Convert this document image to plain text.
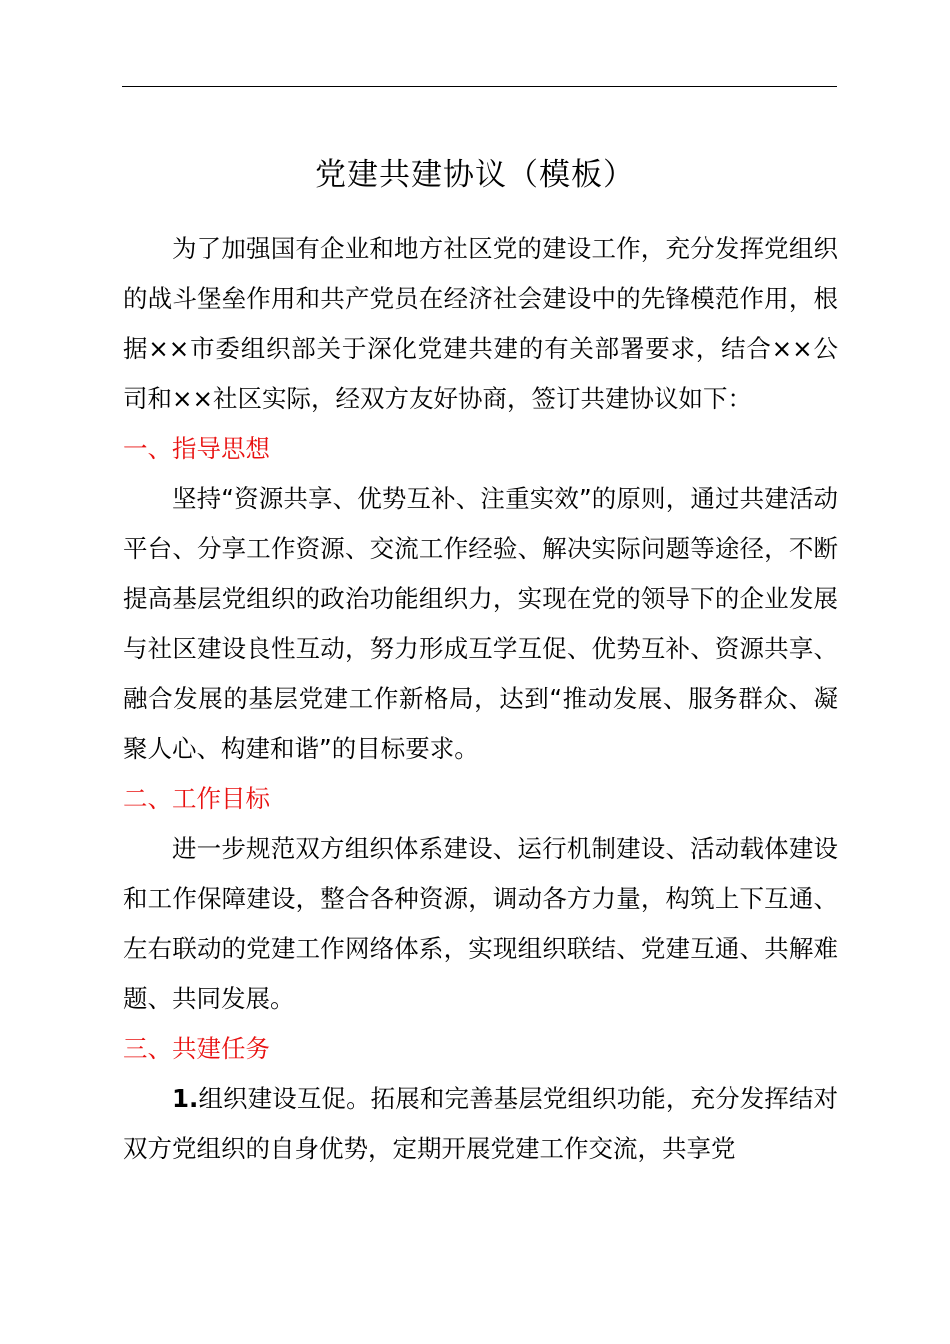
党建共建协议（模板）

为了加强国有企业和地方社区党的建设工作，充分发挥党组织的战斗堡垒作用和共产党员在经济社会建设中的先锋模范作用，根据××市委组织部关于深化党建共建的有关部署要求，结合××公司和××社区实际，经双方友好协商，签订共建协议如下：

一、指导思想

坚持“资源共享、优势互补、注重实效”的原则，通过共建活动平台、分享工作资源、交流工作经验、解决实际问题等途径，不断提高基层党组织的政治功能组织力，实现在党的领导下的企业发展与社区建设良性互动，努力形成互学互促、优势互补、资源共享、融合发展的基层党建工作新格局，达到“推动发展、服务群众、凝聚人心、构建和谐”的目标要求。

二、工作目标

进一步规范双方组织体系建设、运行机制建设、活动载体建设和工作保障建设，整合各种资源，调动各方力量，构筑上下互通、左右联动的党建工作网络体系，实现组织联结、党建互通、共解难题、共同发展。

三、共建任务

1.组织建设互促。拓展和完善基层党组织功能，充分发挥结对双方党组织的自身优势，定期开展党建工作交流，共享党
